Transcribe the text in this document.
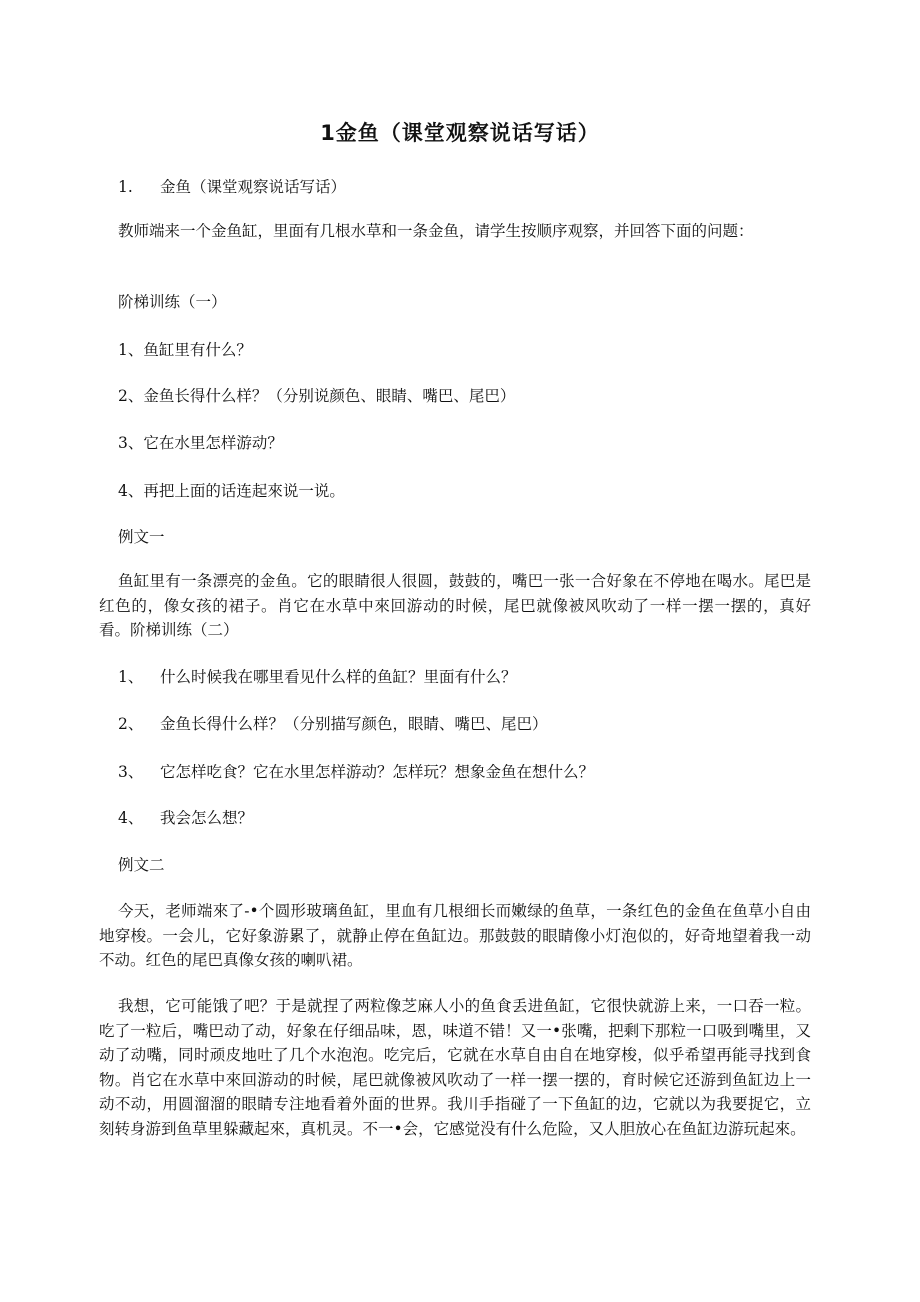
1金鱼（课堂观察说话写话）
1. 金鱼（课堂观察说话写话）
教师端来一个金鱼缸，里面有几根水草和一条金鱼，请学生按顺序观察，并回答下面的问题：
阶梯训练（一）
1、鱼缸里有什么？
2、金鱼长得什么样？（分别说颜色、眼睛、嘴巴、尾巴）
3、它在水里怎样游动？
4、再把上面的话连起來说一说。
例文一
鱼缸里有一条漂亮的金鱼。它的眼睛很人很圆，鼓鼓的，嘴巴一张一合好象在不停地在喝水。尾巴是红色的，像女孩的裙子。肖它在水草中來回游动的时候，尾巴就像被风吹动了一样一摆一摆的，真好看。阶梯训练（二）
1、 什么时候我在哪里看见什么样的鱼缸？里面有什么？
2、 金鱼长得什么样？（分别描写颜色，眼睛、嘴巴、尾巴）
3、 它怎样吃食？它在水里怎样游动？怎样玩？想象金鱼在想什么？
4、 我会怎么想？
例文二
今天，老师端來了-•个圆形玻璃鱼缸，里血有几根细长而嫩绿的鱼草，一条红色的金鱼在鱼草小自由地穿梭。一会儿，它好象游累了，就静止停在鱼缸边。那鼓鼓的眼睛像小灯泡似的，好奇地望着我一动不动。红色的尾巴真像女孩的喇叭裙。
我想，它可能饿了吧？于是就捏了两粒像芝麻人小的鱼食丢进鱼缸，它很快就游上来，一口吞一粒。吃了一粒后，嘴巴动了动，好象在仔细品味，恩，味道不错！又一•张嘴，把剩下那粒一口吸到嘴里，又动了动嘴，同时顽皮地吐了几个水泡泡。吃完后，它就在水草自由自在地穿梭，似乎希望再能寻找到食物。肖它在水草中來回游动的时候，尾巴就像被风吹动了一样一摆一摆的，育时候它还游到鱼缸边上一动不动，用圆溜溜的眼睛专注地看着外面的世界。我川手指碰了一下鱼缸的边，它就以为我要捉它，立刻转身游到鱼草里躲藏起來，真机灵。不一•会，它感觉没有什么危险，又人胆放心在鱼缸边游玩起來。
